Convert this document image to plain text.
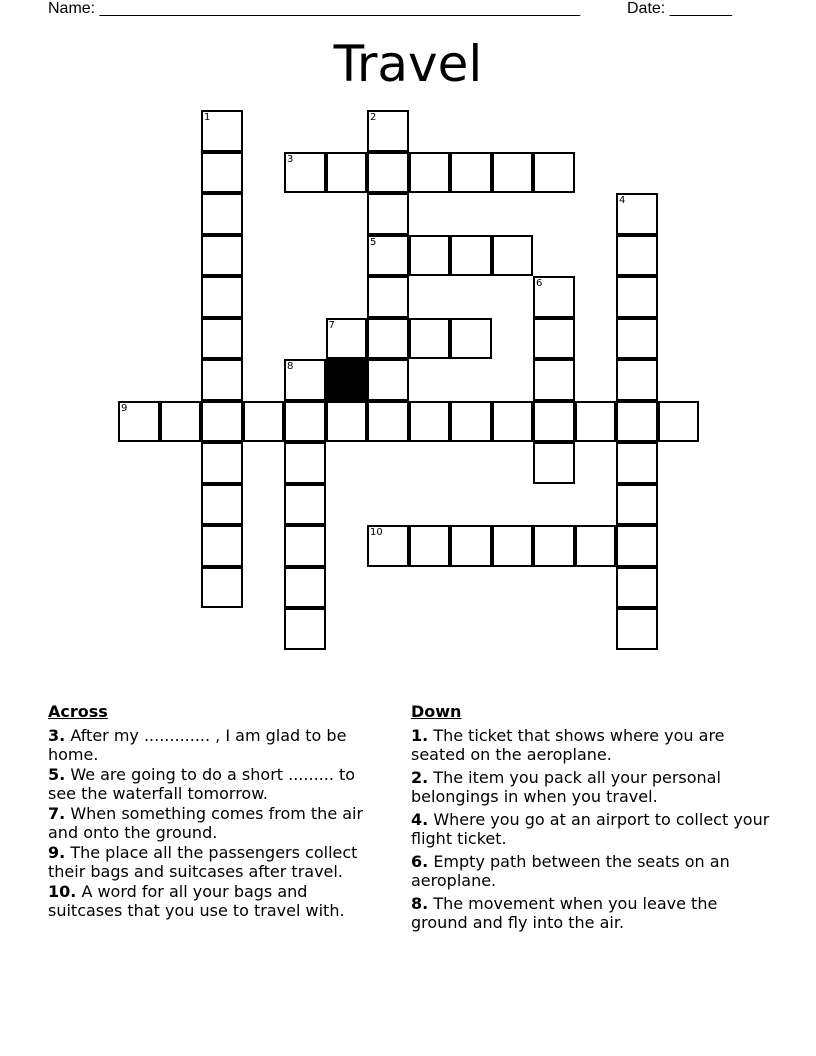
Name: ______________________________________________________	Date: _______
Travel
1	2
5
3
4
6
7
8
9
10
Across
3. After my ............. , I am glad to be home.
5. We are going to do a short ......... to see the waterfall tomorrow.
7. When something comes from the air and onto the ground.
9. The place all the passengers collect their bags and suitcases after travel.
10. A word for all your bags and suitcases that you use to travel with.
Down
1. The ticket that shows where you are seated on the aeroplane.
2. The item you pack all your personal belongings in when you travel.
4. Where you go at an airport to collect your flight ticket.
6. Empty path between the seats on an aeroplane.
8. The movement when you leave the ground and fly into the air.
